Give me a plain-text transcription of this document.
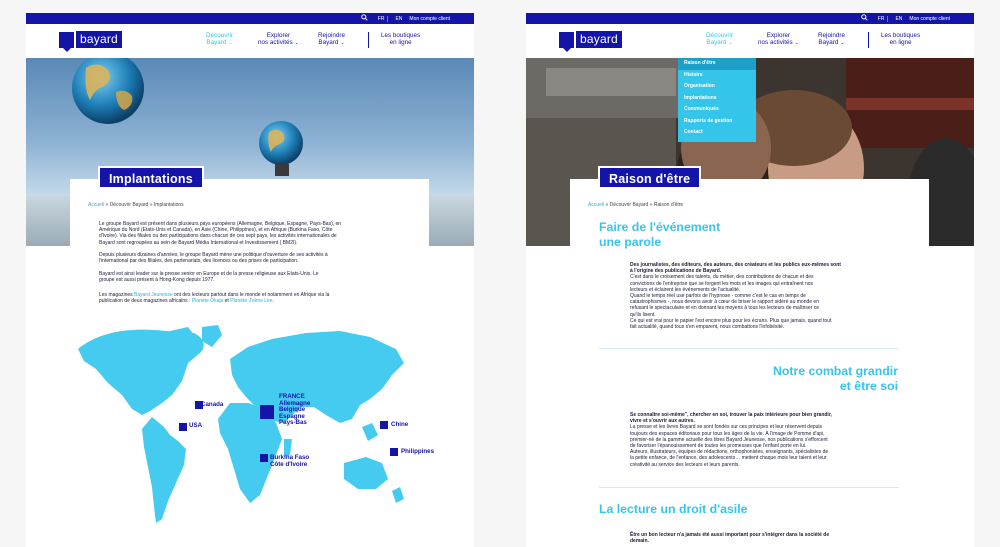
FR	EN Mon compte client
bayard	Découvrir
Bayard ⌄
Explorer
nos activités ⌄
Rejoindre
Bayard ⌄
Les boutiques
en ligne
Implantations
Accueil » Découvrir Bayard » Implantations
Le groupe Bayard est présent dans plusieurs pays européens (Allemagne, Belgique, Espagne, Pays-Bas), en
Amérique du Nord (Etats-Unis et Canada), en Asie (Chine, Philippines), et en Afrique (Burkina Faso, Côte
d'Ivoire). Via des filiales ou des participations dans chacun de ces sept pays, les activités internationales de
Bayard sont regroupées au sein de Bayard Média International et Investissement ( BM2I).
Depuis plusieurs dizaines d'années, le groupe Bayard mène une politique d'ouverture de ses activités à
l'international par des filiales, des partenariats, des licences ou des prises de participation.
Bayard est ainsi leader sur la presse senior en Europe et de la presse religieuse aux Etats-Unis. Le
groupe est aussi présent à Hong-Kong depuis 1977.
Les magazines Bayard Jeunesse ont des lecteurs partout dans le monde et notamment en Afrique via la
publication de deux magazines africains : Planète Okapi et Planète J'aime Lire.
Canada
USA
FRANCE
Allemagne
Belgique
Espagne
Pays-Bas
Burkina Faso
Côte d'Ivoire
Chine
Philippines
FR	EN Mon compte client
bayard	Découvrir
Bayard ⌄
Explorer
nos activités ⌄
Rejoindre
Bayard ⌄
Les boutiques
en ligne
Raison d'être
Histoire
Organisation
Implantations
Communiqués
Rapports de gestion
Contact
Raison d'être
Accueil » Découvrir Bayard » Raison d'être
Faire de l'événement
une parole
Des journalistes, des éditeurs, des auteurs, des créateurs et les publics eux-mêmes sont
à l'origine des publications de Bayard.
C'est dans le croisement des talents, du métier, des contributions de chacun et des
convictions de l'entreprise que se forgent les mots et les images qui entraînent nos
lecteurs et éclairent les événements de l'actualité.
Quand le temps réel use parfois de l'hypnose - comme c'est le cas en temps de
catastrophismes -, nous devons avoir à cœur de briser le rapport sidéré au monde en
refusant le spectaculaire et en donnant les moyens à tous les lecteurs de maîtriser ce
qu'ils lisent.
Ce qui est vrai pour le papier l'est encore plus pour les écrans. Plus que jamais, quand tout
fait actualité, quand tous s'en emparent, nous combattons l'infobésité.
Notre combat grandir
et être soi
Se connaître soi-même", chercher en soi, trouver la paix intérieure pour bien grandir,
vivre et s'ouvrir aux autres.
La presse et les livres Bayard se sont fondés sur ces principes et leur réservent depuis
toujours des espaces éditoriaux pour tous les âges de la vie. À l'image de Pomme d'api,
premier-né de la gamme actuelle des titres Bayard Jeunesse, nos publications s'efforcent
de favoriser l'épanouissement de toutes les promesses que l'enfant porte en lui.
Auteurs, illustrateurs, équipes de rédactions, orthophonistes, enseignants, spécialistes de
la petite enfance, de l'enfance, des adolescents… mettent chaque mois leur talent et leur
créativité au service des lecteurs et leurs parents.
La lecture un droit d'asile
Être un bon lecteur n'a jamais été aussi important pour s'intégrer dans la société de
demain.
